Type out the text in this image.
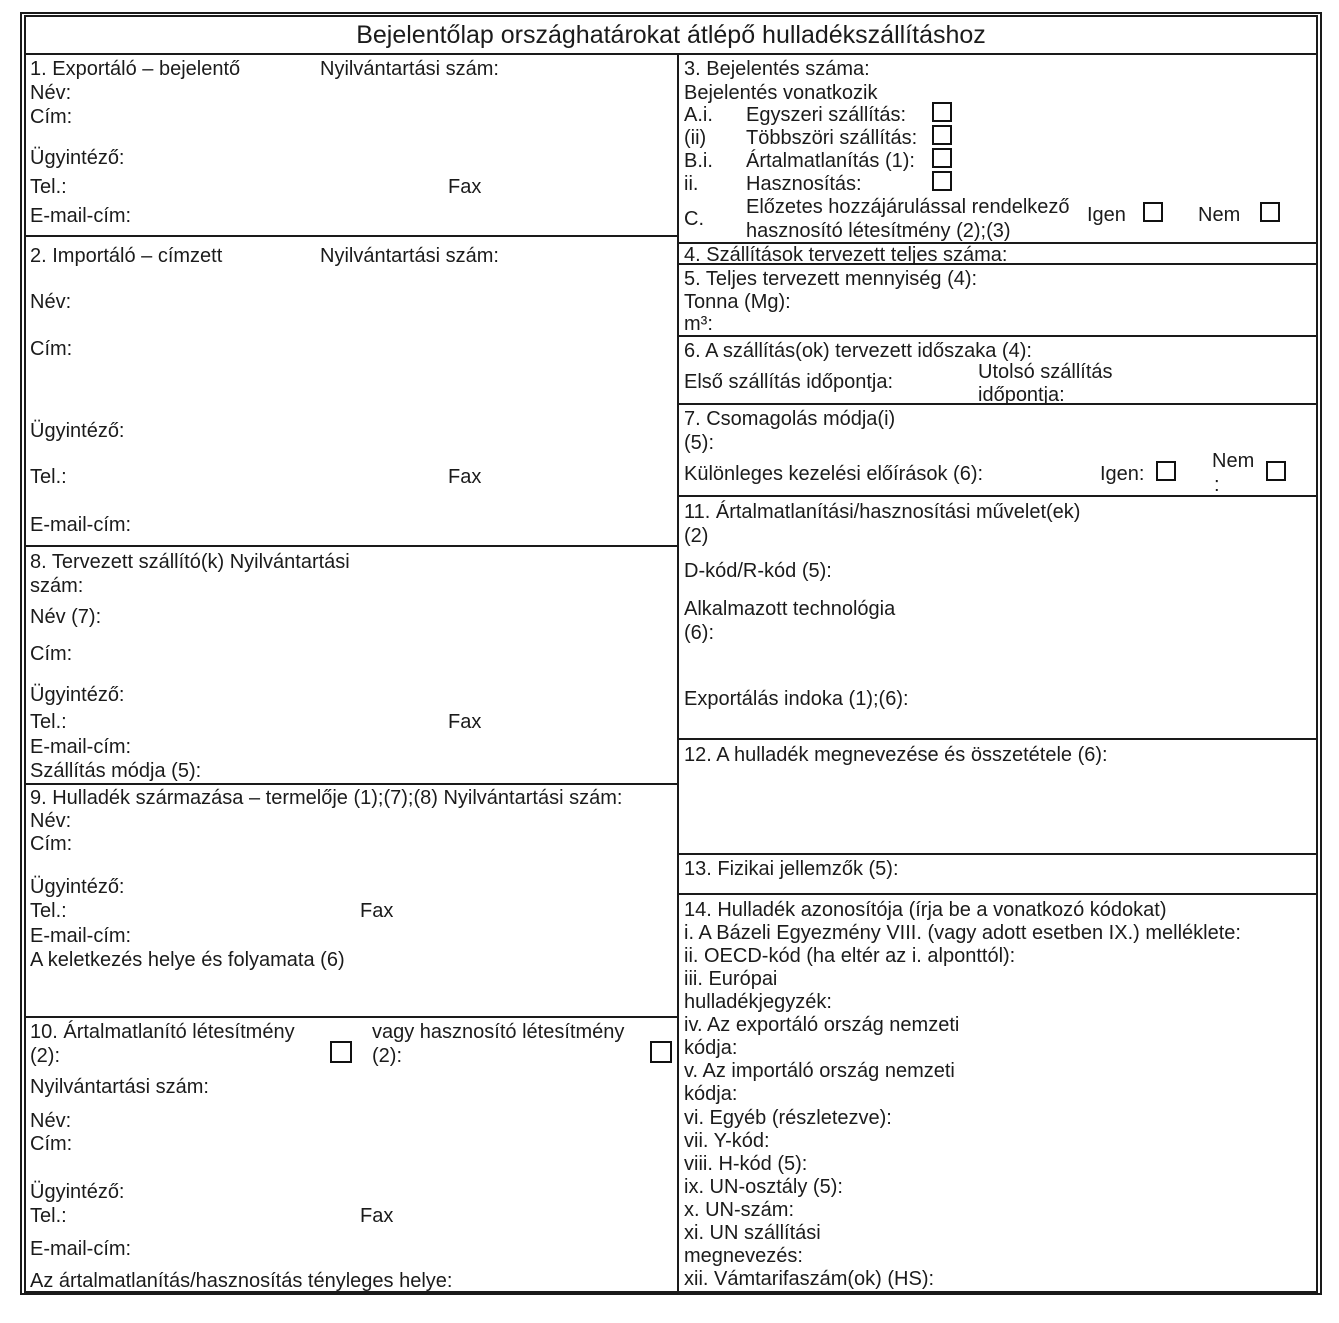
Bejelentőlap országhatárokat átlépő hulladékszállításhoz
1. Exportáló – bejelentő	Nyilvántartási szám:
Név:
Cím:
Ügyintéző:
Tel.:	Fax
E-mail-cím:
2. Importáló – címzett	Nyilvántartási szám:
Név:
Cím:
Ügyintéző:
Tel.:	Fax
E-mail-cím:
8. Tervezett szállító(k) Nyilvántartási
szám:
Név (7):
Cím:
Ügyintéző:
Tel.:	Fax
E-mail-cím:
Szállítás módja (5):
9. Hulladék származása – termelője (1);(7);(8) Nyilvántartási szám:
Név:
Cím:
Ügyintéző:
Tel.:	Fax
E-mail-cím:
A keletkezés helye és folyamata (6)
10. Ártalmatlanító létesítmény	vagy hasznosító létesítmény
(2):	(2):
Nyilvántartási szám:
Név:
Cím:
Ügyintéző:
Tel.:	Fax
E-mail-cím:
Az ártalmatlanítás/hasznosítás tényleges helye:
3. Bejelentés száma:
Bejelentés vonatkozik
A.i. Egyszeri szállítás:
(ii) Többszöri szállítás:
B.i. Ártalmatlanítás (1):
ii. Hasznosítás:
C.
Előzetes hozzájárulással rendelkező
hasznosító létesítmény (2);(3)
Igen	Nem
4. Szállítások tervezett teljes száma:
5. Teljes tervezett mennyiség (4):
Tonna (Mg):
m³:
6. A szállítás(ok) tervezett időszaka (4):
Első szállítás időpontja:	Utolsó szállítás
időpontja:
7. Csomagolás módja(i)
(5):
Különleges kezelési előírások (6):	Igen:
Nem
:
11. Ártalmatlanítási/hasznosítási művelet(ek)
(2)
D-kód/R-kód (5):
Alkalmazott technológia
(6):
Exportálás indoka (1);(6):
12. A hulladék megnevezése és összetétele (6):
13. Fizikai jellemzők (5):
14. Hulladék azonosítója (írja be a vonatkozó kódokat)
i. A Bázeli Egyezmény VIII. (vagy adott esetben IX.) melléklete:
ii. OECD-kód (ha eltér az i. alponttól):
iii. Európai
hulladékjegyzék:
iv. Az exportáló ország nemzeti
kódja:
v. Az importáló ország nemzeti
kódja:
vi. Egyéb (részletezve):
vii. Y-kód:
viii. H-kód (5):
ix. UN-osztály (5):
x. UN-szám:
xi. UN szállítási
megnevezés:
xii. Vámtarifaszám(ok) (HS):
